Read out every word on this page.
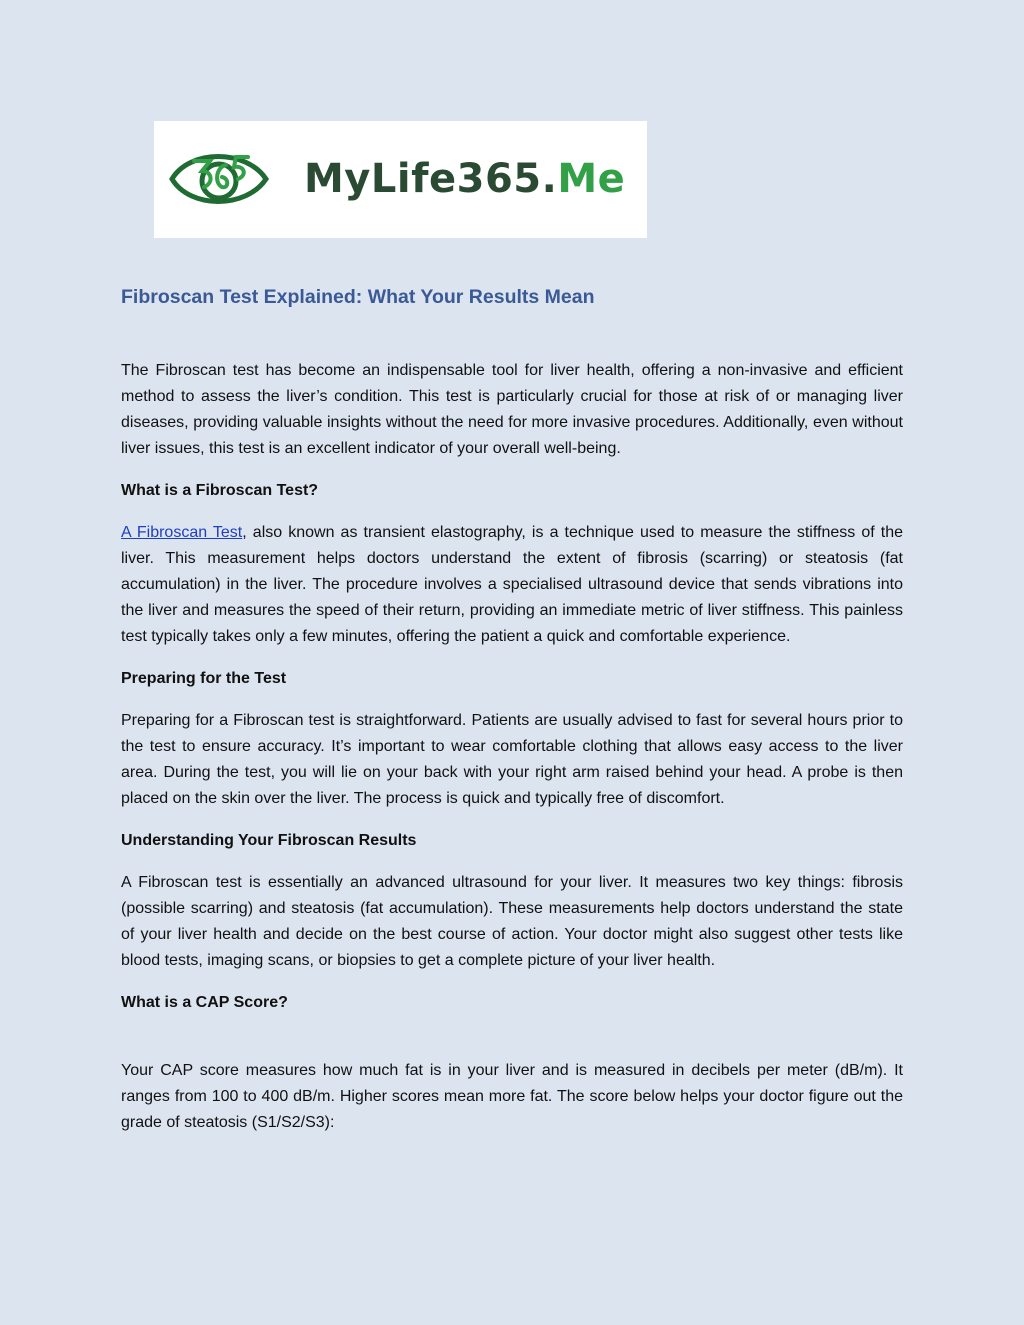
MyLife365.Me
Fibroscan Test Explained: What Your Results Mean

The Fibroscan test has become an indispensable tool for liver health, offering a non-invasive and efficient method to assess the liver’s condition. This test is particularly crucial for those at risk of or managing liver diseases, providing valuable insights without the need for more invasive procedures. Additionally, even without liver issues, this test is an excellent indicator of your overall well-being.

What is a Fibroscan Test?

A Fibroscan Test, also known as transient elastography, is a technique used to measure the stiffness of the liver. This measurement helps doctors understand the extent of fibrosis (scarring) or steatosis (fat accumulation) in the liver. The procedure involves a specialised ultrasound device that sends vibrations into the liver and measures the speed of their return, providing an immediate metric of liver stiffness. This painless test typically takes only a few minutes, offering the patient a quick and comfortable experience.

Preparing for the Test

Preparing for a Fibroscan test is straightforward. Patients are usually advised to fast for several hours prior to the test to ensure accuracy. It’s important to wear comfortable clothing that allows easy access to the liver area. During the test, you will lie on your back with your right arm raised behind your head. A probe is then placed on the skin over the liver. The process is quick and typically free of discomfort.

Understanding Your Fibroscan Results

A Fibroscan test is essentially an advanced ultrasound for your liver. It measures two key things: fibrosis (possible scarring) and steatosis (fat accumulation). These measurements help doctors understand the state of your liver health and decide on the best course of action. Your doctor might also suggest other tests like blood tests, imaging scans, or biopsies to get a complete picture of your liver health.

What is a CAP Score?

Your CAP score measures how much fat is in your liver and is measured in decibels per meter (dB/m). It ranges from 100 to 400 dB/m. Higher scores mean more fat. The score below helps your doctor figure out the grade of steatosis (S1/S2/S3):
